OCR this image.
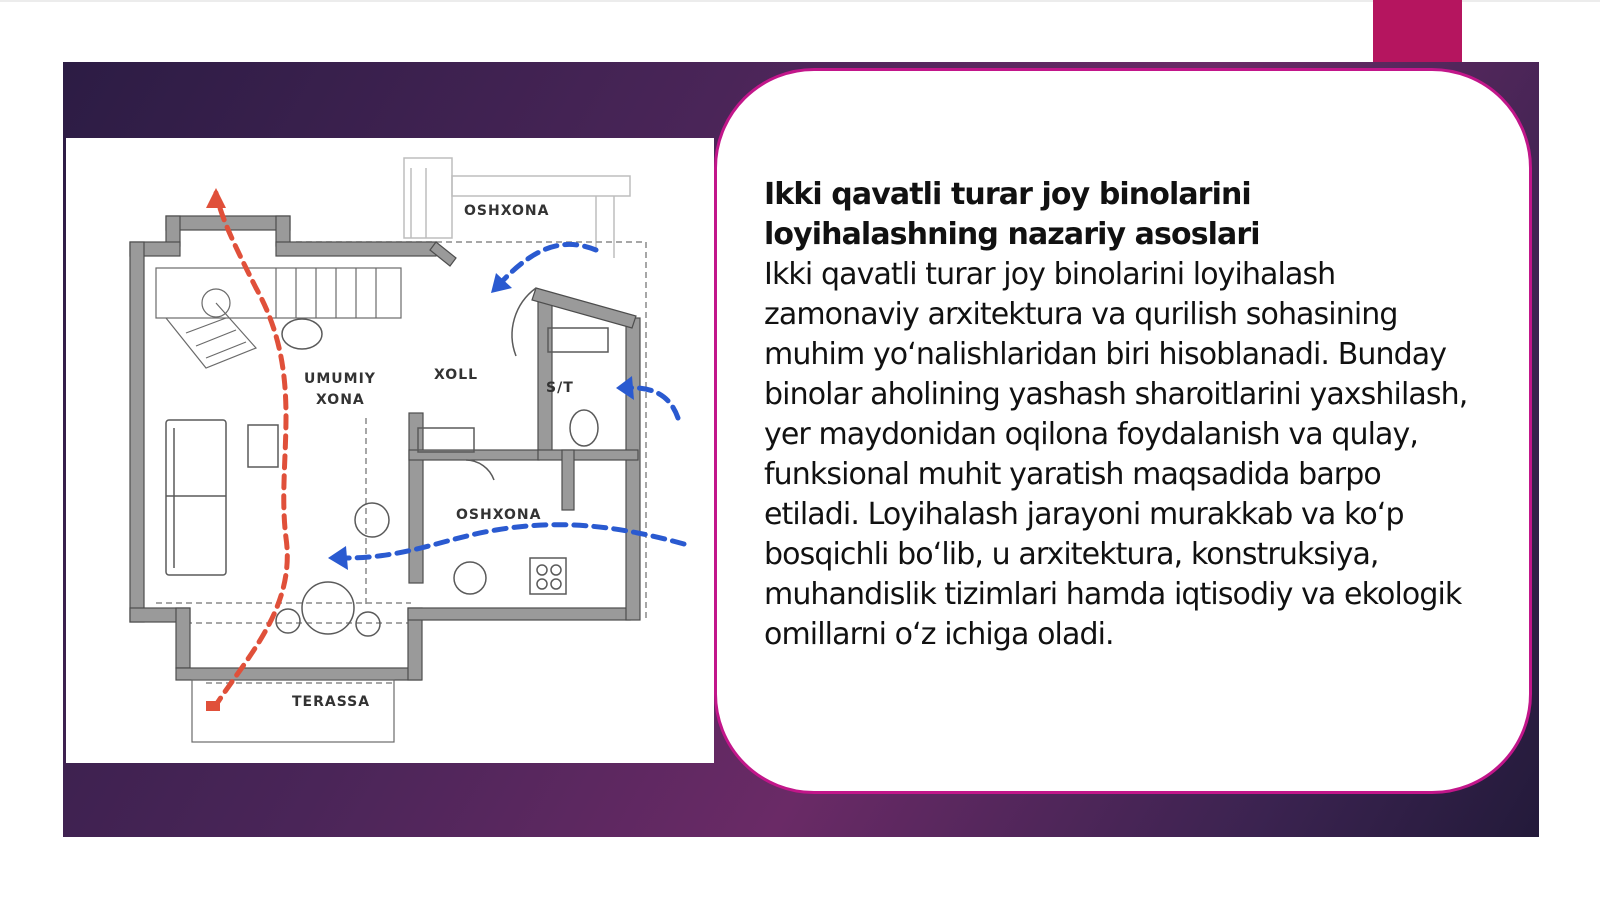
OSHXONA
UMUMIY
XONA
XOLL
S/T
OSHXONA
TERASSA
Ikki qavatli turar joy binolarini loyihalashning nazariy asoslari
Ikki qavatli turar joy binolarini loyihalash zamonaviy arxitektura va qurilish sohasining muhim yo‘nalishlaridan biri hisoblanadi. Bunday binolar aholining yashash sharoitlarini yaxshilash, yer maydonidan oqilona foydalanish va qulay, funksional muhit yaratish maqsadida barpo etiladi. Loyihalash jarayoni murakkab va ko‘p bosqichli bo‘lib, u arxitektura, konstruksiya, muhandislik tizimlari hamda iqtisodiy va ekologik omillarni o‘z ichiga oladi.
